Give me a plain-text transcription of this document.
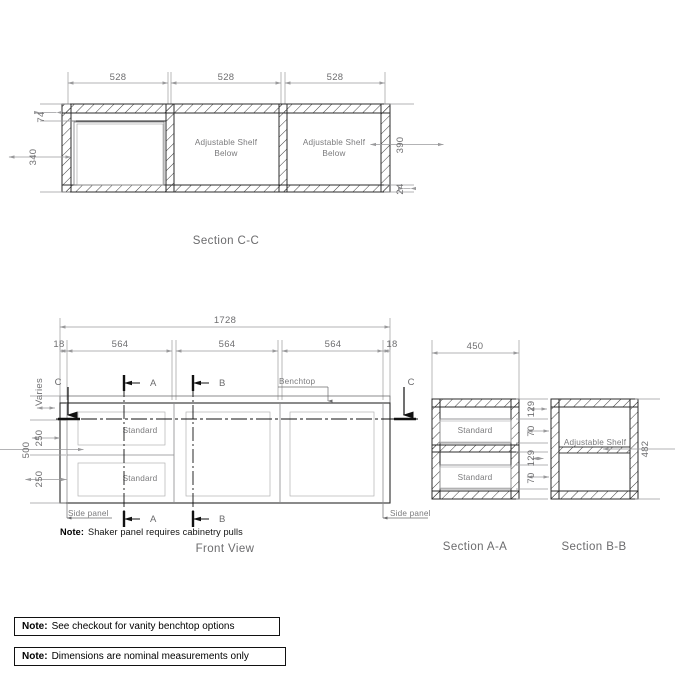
528	528	528
74
340
390
24
Adjustable Shelf
Below
Adjustable Shelf
Below
Section C-C
1728
18	564	564	564	18
Standard
Standard
Varies
250
250
500
C	C
A	B
A	B
Benchtop
Side panel	Side panel
Note: Shaker panel requires cabinetry pulls
Front View
450
Standard
Standard
129
70
129
70
Section A-A
Adjustable Shelf 482
Section B-B
Note: See checkout for vanity benchtop options
Note: Dimensions are nominal measurements only
